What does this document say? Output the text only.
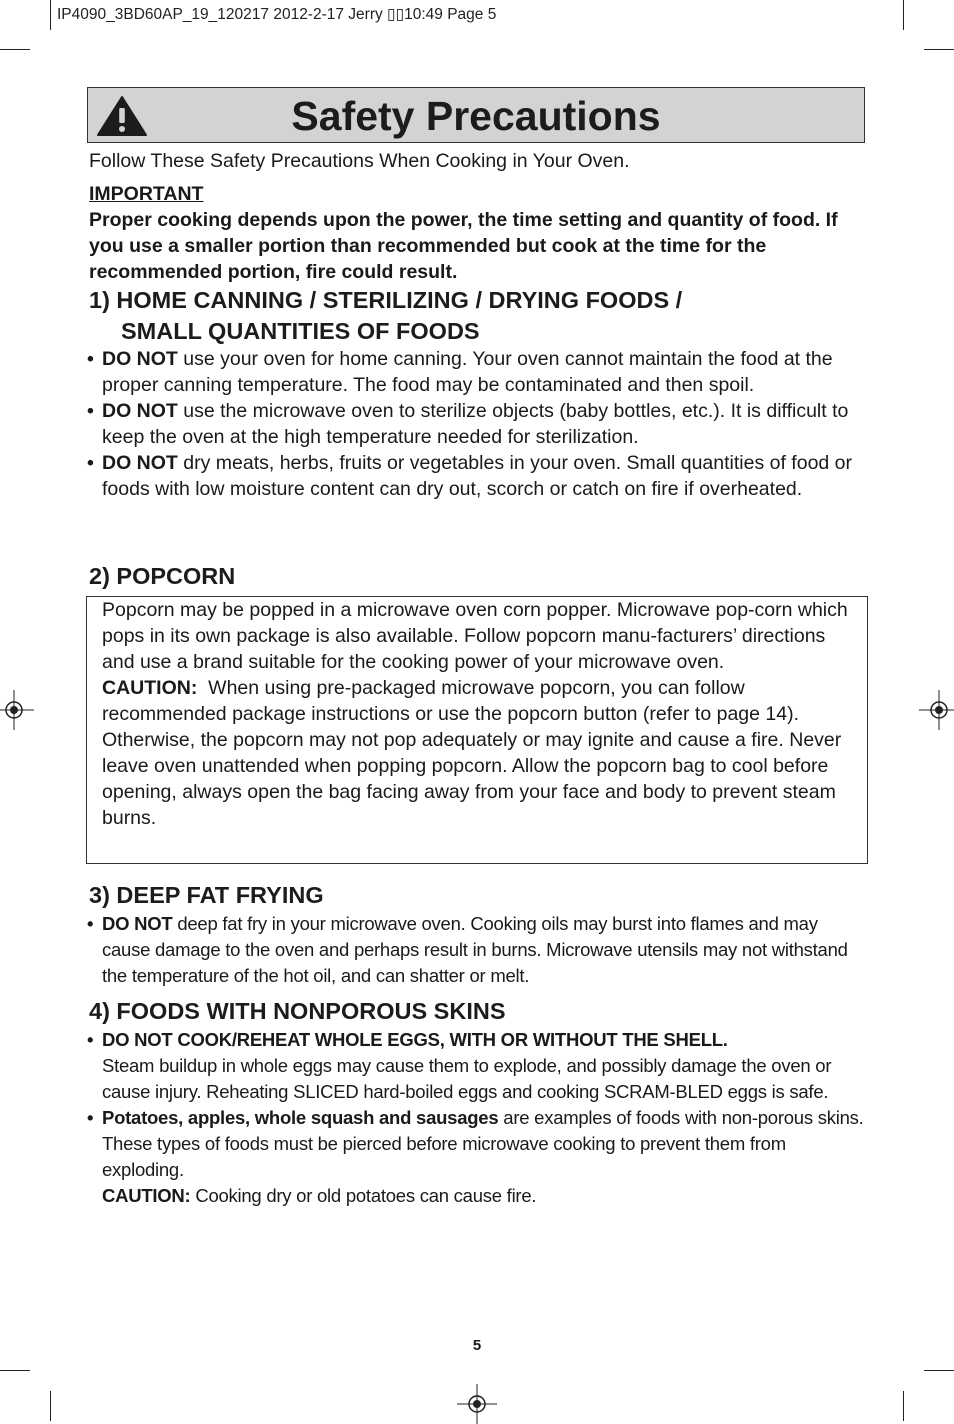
IP4090_3BD60AP_19_120217 2012-2-17 Jerry ▯▯10:49 Page 5
Safety Precautions

Follow These Safety Precautions When Cooking in Your Oven.

IMPORTANT

Proper cooking depends upon the power, the time setting and quantity of food. If you use a smaller portion than recommended but cook at the time for the recommended portion, fire could result.

1) HOME CANNING / STERILIZING / DRYING FOODS /
SMALL QUANTITIES OF FOODS

• DO NOT use your oven for home canning. Your oven cannot maintain the food at the proper canning temperature. The food may be contaminated and then spoil.

• DO NOT use the microwave oven to sterilize objects (baby bottles, etc.). It is difficult to keep the oven at the high temperature needed for sterilization.

• DO NOT dry meats, herbs, fruits or vegetables in your oven. Small quantities of food or foods with low moisture content can dry out, scorch or catch on fire if overheated.

2) POPCORN

Popcorn may be popped in a microwave oven corn popper. Microwave pop-corn which pops in its own package is also available. Follow popcorn manu-facturers’ directions and use a brand suitable for the cooking power of your microwave oven.

CAUTION:  When using pre-packaged microwave popcorn, you can follow recommended package instructions or use the popcorn button (refer to page 14). Otherwise, the popcorn may not pop adequately or may ignite and cause a fire. Never leave oven unattended when popping popcorn. Allow the popcorn bag to cool before opening, always open the bag facing away from your face and body to prevent steam burns.

3) DEEP FAT FRYING

• DO NOT deep fat fry in your microwave oven. Cooking oils may burst into flames and may cause damage to the oven and perhaps result in burns. Microwave utensils may not withstand the temperature of the hot oil, and can shatter or melt.

4) FOODS WITH NONPOROUS SKINS

• DO NOT COOK/REHEAT WHOLE EGGS, WITH OR WITHOUT THE SHELL.
Steam buildup in whole eggs may cause them to explode, and possibly damage the oven or cause injury. Reheating SLICED hard-boiled eggs and cooking SCRAM-BLED eggs is safe.

• Potatoes, apples, whole squash and sausages are examples of foods with non-porous skins. These types of foods must be pierced before microwave cooking to prevent them from exploding.
CAUTION: Cooking dry or old potatoes can cause fire.

5
